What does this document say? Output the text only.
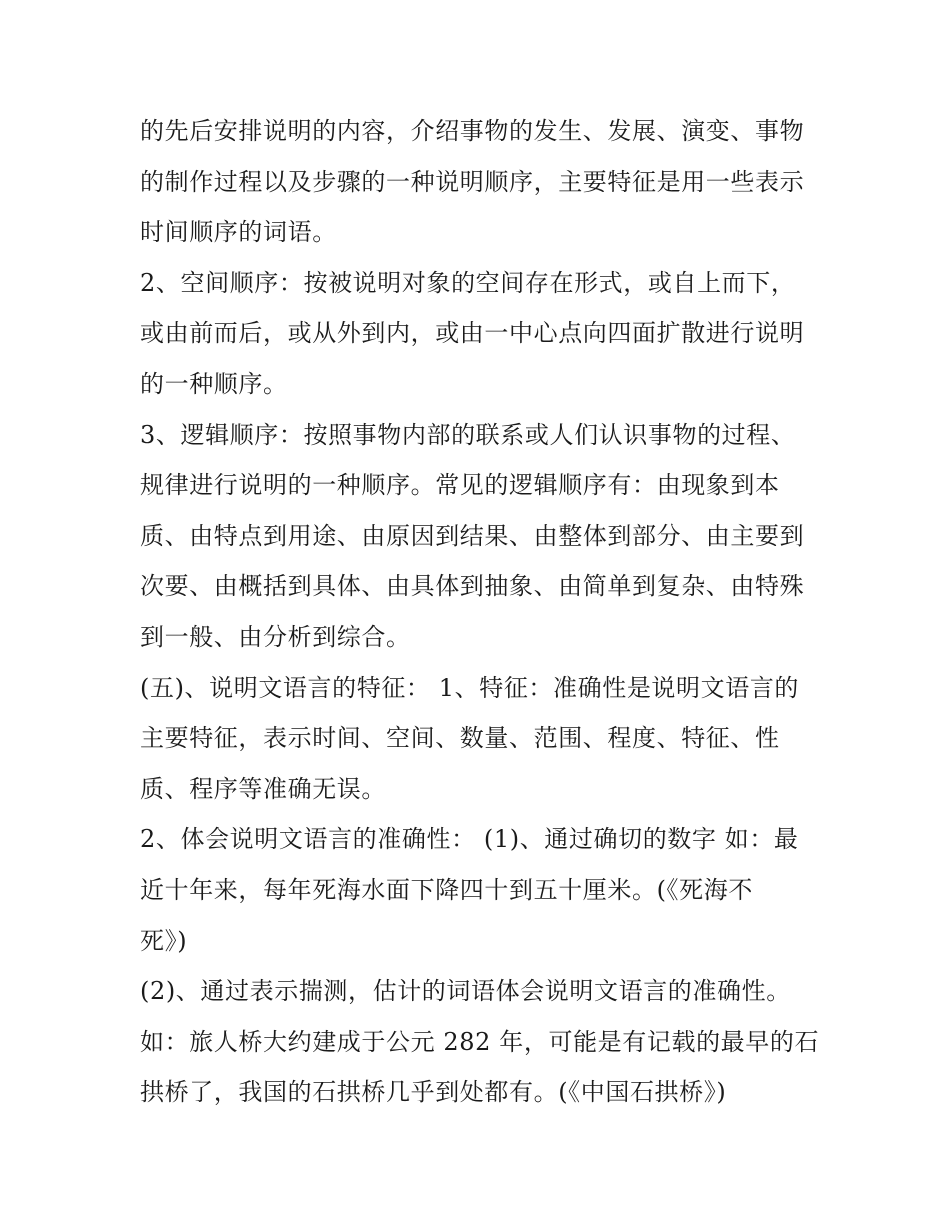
的先后安排说明的内容，介绍事物的发生、发展、演变、事物
的制作过程以及步骤的一种说明顺序，主要特征是用一些表示
时间顺序的词语。
2、空间顺序：按被说明对象的空间存在形式，或自上而下，
或由前而后，或从外到内，或由一中心点向四面扩散进行说明
的一种顺序。
3、逻辑顺序：按照事物内部的联系或人们认识事物的过程、
规律进行说明的一种顺序。常见的逻辑顺序有：由现象到本
质、由特点到用途、由原因到结果、由整体到部分、由主要到
次要、由概括到具体、由具体到抽象、由简单到复杂、由特殊
到一般、由分析到综合。
(五)、说明文语言的特征： 1、特征：准确性是说明文语言的
主要特征，表示时间、空间、数量、范围、程度、特征、性
质、程序等准确无误。
2、体会说明文语言的准确性： (1)、通过确切的数字 如：最
近十年来，每年死海水面下降四十到五十厘米。(《死海不
死》)
(2)、通过表示揣测，估计的词语体会说明文语言的准确性。
如：旅人桥大约建成于公元 282 年，可能是有记载的最早的石
拱桥了，我国的石拱桥几乎到处都有。(《中国石拱桥》)
